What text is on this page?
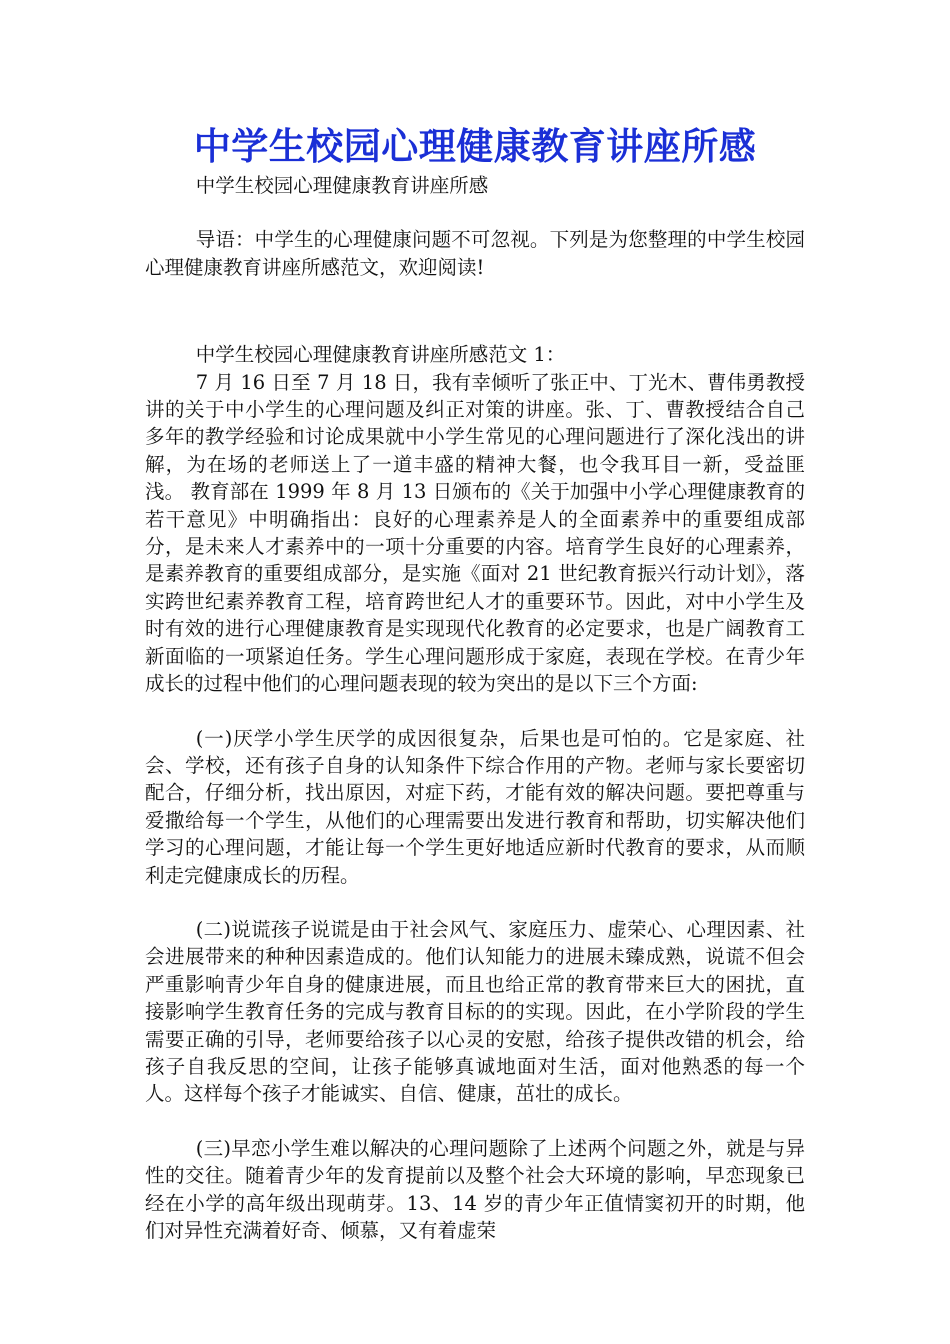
中学生校园心理健康教育讲座所感

中学生校园心理健康教育讲座所感

导语：中学生的心理健康问题不可忽视。下列是为您整理的中学生校园心理健康教育讲座所感范文，欢迎阅读!

中学生校园心理健康教育讲座所感范文 1：

7 月 16 日至 7 月 18 日，我有幸倾听了张正中、丁光木、曹伟勇教授讲的关于中小学生的心理问题及纠正对策的讲座。张、丁、曹教授结合自己多年的教学经验和讨论成果就中小学生常见的心理问题进行了深化浅出的讲解，为在场的老师送上了一道丰盛的精神大餐，也令我耳目一新，受益匪浅。 教育部在 1999 年 8 月 13 日颁布的《关于加强中小学心理健康教育的若干意见》中明确指出：良好的心理素养是人的全面素养中的重要组成部分，是未来人才素养中的一项十分重要的内容。培育学生良好的心理素养，是素养教育的重要组成部分，是实施《面对 21 世纪教育振兴行动计划》，落实跨世纪素养教育工程，培育跨世纪人才的重要环节。因此，对中小学生及时有效的进行心理健康教育是实现现代化教育的必定要求，也是广阔教育工新面临的一项紧迫任务。学生心理问题形成于家庭，表现在学校。在青少年成长的过程中他们的心理问题表现的较为突出的是以下三个方面:

(一)厌学小学生厌学的成因很复杂，后果也是可怕的。它是家庭、社会、学校，还有孩子自身的认知条件下综合作用的产物。老师与家长要密切配合，仔细分析，找出原因，对症下药，才能有效的解决问题。要把尊重与爱撒给每一个学生，从他们的心理需要出发进行教育和帮助，切实解决他们学习的心理问题，才能让每一个学生更好地适应新时代教育的要求，从而顺利走完健康成长的历程。

(二)说谎孩子说谎是由于社会风气、家庭压力、虚荣心、心理因素、社会进展带来的种种因素造成的。他们认知能力的进展未臻成熟，说谎不但会严重影响青少年自身的健康进展，而且也给正常的教育带来巨大的困扰，直接影响学生教育任务的完成与教育目标的的实现。因此，在小学阶段的学生需要正确的引导，老师要给孩子以心灵的安慰，给孩子提供改错的机会，给孩子自我反思的空间，让孩子能够真诚地面对生活，面对他熟悉的每一个人。这样每个孩子才能诚实、自信、健康，茁壮的成长。

(三)早恋小学生难以解决的心理问题除了上述两个问题之外，就是与异性的交往。随着青少年的发育提前以及整个社会大环境的影响，早恋现象已经在小学的高年级出现萌芽。13、14 岁的青少年正值情窦初开的时期，他们对异性充满着好奇、倾慕，又有着虚荣
